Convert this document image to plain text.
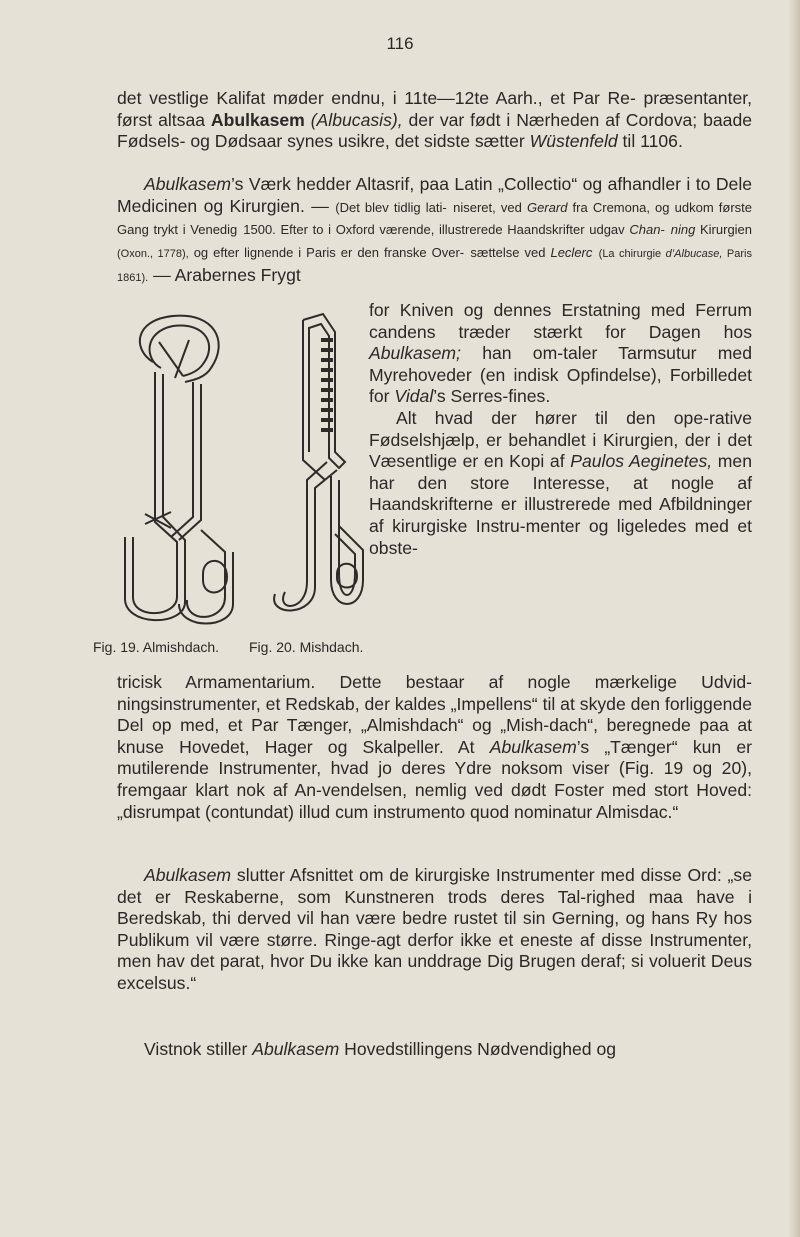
116

det vestlige Kalifat møder endnu, i 11te—12te Aarh., et Par Re- præsentanter, først altsaa Abulkasem (Albucasis), der var født i Nærheden af Cordova; baade Fødsels- og Dødsaar synes usikre, det sidste sætter Wüstenfeld til 1106.

Abulkasem’s Værk hedder Altasrif, paa Latin „Collectio“ og afhandler i to Dele Medicinen og Kirurgien. — (Det blev tidlig lati- niseret, ved Gerard fra Cremona, og udkom første Gang trykt i Venedig 1500. Efter to i Oxford værende, illustrerede Haandskrifter udgav Chan- ning Kirurgien (Oxon., 1778), og efter lignende i Paris er den franske Over- sættelse ved Leclerc (La chirurgie d’Albucase, Paris 1861). — Arabernes Frygt

Fig. 19. Almishdach. Fig. 20. Mishdach.

for Kniven og dennes Erstatning med Ferrum candens træder stærkt for Dagen hos Abulkasem; han om-taler Tarmsutur med Myrehoveder (en indisk Opfindelse), Forbilledet for Vidal’s Serres-fines.
Alt hvad der hører til den ope-rative Fødselshjælp, er behandlet i Kirurgien, der i det Væsentlige er en Kopi af Paulos Aeginetes, men har den store Interesse, at nogle af Haandskrifterne er illustrerede med Afbildninger af kirurgiske Instru-menter og ligeledes med et obste-

tricisk Armamentarium. Dette bestaar af nogle mærkelige Udvid-ningsinstrumenter, et Redskab, der kaldes „Impellens“ til at skyde den forliggende Del op med, et Par Tænger, „Almishdach“ og „Mish-dach“, beregnede paa at knuse Hovedet, Hager og Skalpeller. At Abulkasem’s „Tænger“ kun er mutilerende Instrumenter, hvad jo deres Ydre noksom viser (Fig. 19 og 20), fremgaar klart nok af An-vendelsen, nemlig ved dødt Foster med stort Hoved: „disrumpat (contundat) illud cum instrumento quod nominatur Almisdac.“

Abulkasem slutter Afsnittet om de kirurgiske Instrumenter med disse Ord: „se det er Reskaberne, som Kunstneren trods deres Tal-righed maa have i Beredskab, thi derved vil han være bedre rustet til sin Gerning, og hans Ry hos Publikum vil være større. Ringe-agt derfor ikke et eneste af disse Instrumenter, men hav det parat, hvor Du ikke kan unddrage Dig Brugen deraf; si voluerit Deus excelsus.“

Vistnok stiller Abulkasem Hovedstillingens Nødvendighed og
